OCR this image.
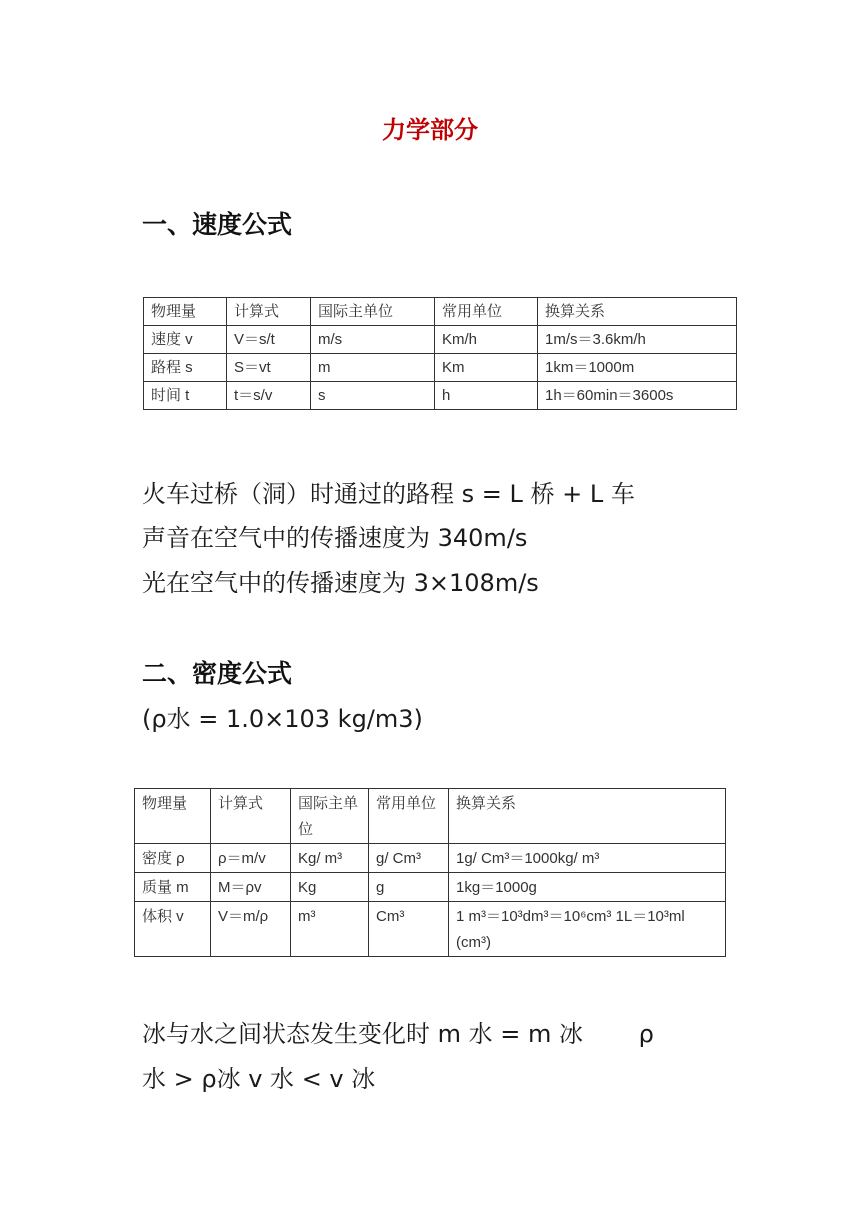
力学部分
一、速度公式
物理量	计算式	国际主单位	常用单位	换算关系
速度 v	V＝s/t	m/s	Km/h	1m/s＝3.6km/h
路程 s	S＝vt	m	Km	1km＝1000m
时间 t	t＝s/v	s	h	1h＝60min＝3600s
火车过桥（洞）时通过的路程 s = L 桥 + L 车
声音在空气中的传播速度为 340m/s
光在空气中的传播速度为 3×108m/s
二、密度公式
(ρ水 = 1.0×103 kg/m3)
物理量	计算式	国际主单位	常用单位	换算关系
密度 ρ	ρ＝m/v	Kg/ m³	g/ Cm³	1g/ Cm³＝1000kg/ m³
质量 m	M＝ρv	Kg	g	1kg＝1000g
体积 v	V＝m/ρ	m³	Cm³	1 m³＝10³dm³＝10⁶cm³ 1L＝10³ml (cm³)
冰与水之间状态发生变化时 m 水 = m 冰　　 ρ
水 > ρ冰 v 水 < v 冰
